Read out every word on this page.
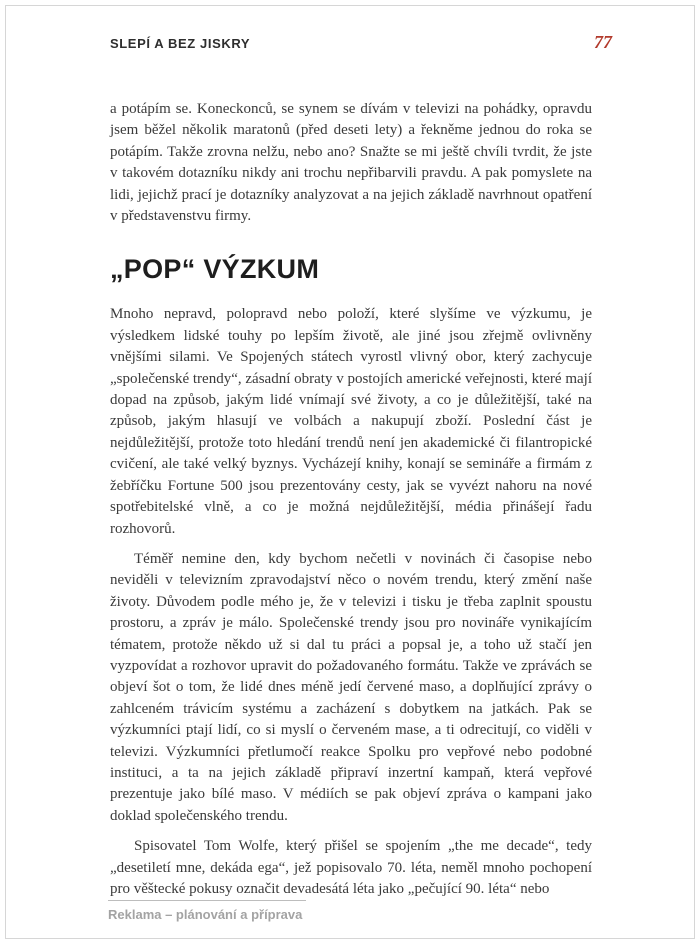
SLEPÍ A BEZ JISKRY	77

a potápím se. Koneckonců, se synem se dívám v televizi na pohádky, opravdu jsem běžel několik maratonů (před deseti lety) a řekněme jednou do roka se potápím. Takže zrovna nelžu, nebo ano? Snažte se mi ještě chvíli tvrdit, že jste v takovém dotazníku nikdy ani trochu nepřibarvili pravdu. A pak pomyslete na lidi, jejichž prací je dotazníky analyzovat a na jejich základě navrhnout opatření v představenstvu firmy.

„POP“ VÝZKUM

Mnoho nepravd, polopravd nebo položí, které slyšíme ve výzkumu, je výsledkem lidské touhy po lepším životě, ale jiné jsou zřejmě ovlivněny vnějšími silami. Ve Spojených státech vyrostl vlivný obor, který zachycuje „společenské trendy“, zásadní obraty v postojích americké veřejnosti, které mají dopad na způsob, jakým lidé vnímají své životy, a co je důležitější, také na způsob, jakým hlasují ve volbách a nakupují zboží. Poslední část je nejdůležitější, protože toto hledání trendů není jen akademické či filantropické cvičení, ale také velký byznys. Vycházejí knihy, konají se semináře a firmám z žebříčku Fortune 500 jsou prezentovány cesty, jak se vyvézt nahoru na nové spotřebitelské vlně, a co je možná nejdůležitější, média přinášejí řadu rozhovorů.

Téměř nemine den, kdy bychom nečetli v novinách či časopise nebo neviděli v televizním zpravodajství něco o novém trendu, který změní naše životy. Důvodem podle mého je, že v televizi i tisku je třeba zaplnit spoustu prostoru, a zpráv je málo. Společenské trendy jsou pro novináře vynikajícím tématem, protože někdo už si dal tu práci a popsal je, a toho už stačí jen vyzpovídat a rozhovor upravit do požadovaného formátu. Takže ve zprávách se objeví šot o tom, že lidé dnes méně jedí červené maso, a doplňující zprávy o zahlceném trávicím systému a zacházení s dobytkem na jatkách. Pak se výzkumníci ptají lidí, co si myslí o červeném mase, a ti odrecitují, co viděli v televizi. Výzkumníci přetlumočí reakce Spolku pro vepřové nebo podobné instituci, a ta na jejich základě připraví inzertní kampaň, která vepřové prezentuje jako bílé maso. V médiích se pak objeví zpráva o kampani jako doklad společenského trendu.

Spisovatel Tom Wolfe, který přišel se spojením „the me decade“, tedy „desetiletí mne, dekáda ega“, jež popisovalo 70. léta, neměl mnoho pochopení pro věštecké pokusy označit devadesátá léta jako „pečující 90. léta“ nebo

Reklama – plánování a příprava
